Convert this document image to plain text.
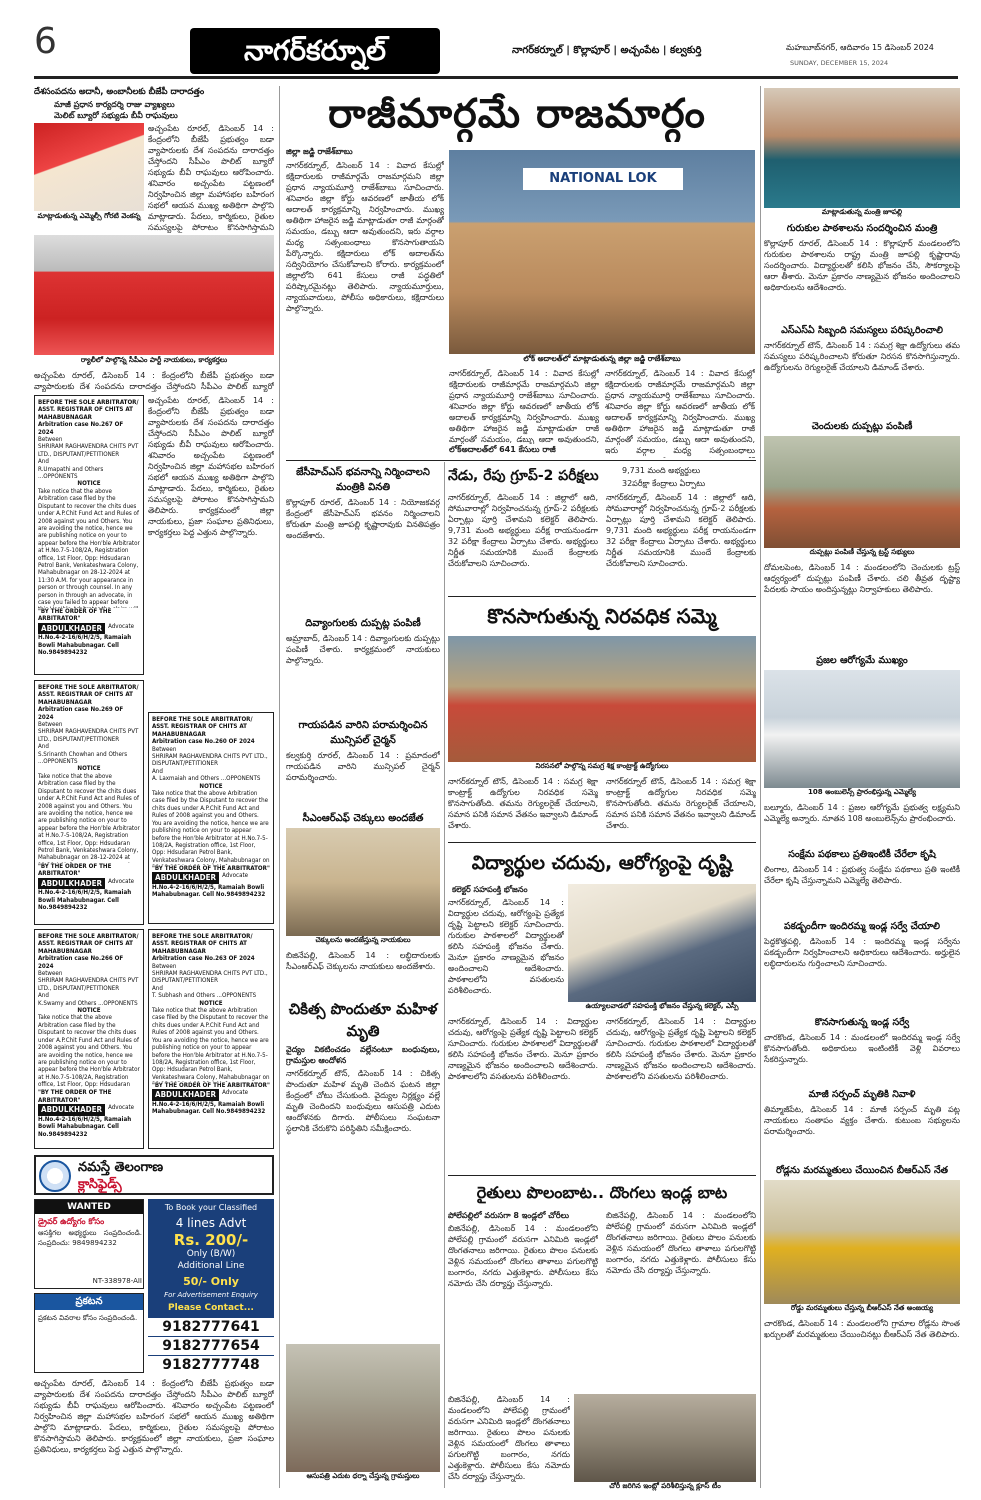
6	నాగర్‌కర్నూల్	నాగర్‌కర్నూల్ | కొల్లాపూర్ | అచ్చంపేట | కల్వకుర్తి	మహబూబ్‌నగర్, ఆదివారం 15 డిసెంబర్ 2024
SUNDAY, DECEMBER 15, 2024
దేశసంపదను అదానీ, అంబానీలకు బీజేపీ దారాదత్తం
మాజీ ప్రధాన కార్యదర్శి రాజు వ్యాఖ్యలు
మెలిట్ బ్యూరో సభ్యుడు బీవీ రాఘవులు
మాట్లాడుతున్న ఎమ్మెల్సీ గోరటి వెంకన్న
అచ్చంపేట రూరల్, డిసెంబర్ 14 : కేంద్రంలోని బీజేపీ ప్రభుత్వం బడా వ్యాపారులకు దేశ సంపదను దారాదత్తం చేస్తోందని సీపీఎం పొలిట్ బ్యూరో సభ్యుడు బీవీ రాఘవులు ఆరోపించారు. శనివారం అచ్చంపేట పట్టణంలో నిర్వహించిన జిల్లా మహాసభల బహిరంగ సభలో ఆయన ముఖ్య అతిథిగా పాల్గొని మాట్లాడారు. పేదలు, కార్మికులు, రైతుల సమస్యలపై పోరాటం కొనసాగిస్తామని
ర్యాలీలో పాల్గొన్న సీపీఎం పార్టీ నాయకులు, కార్యకర్తలు
అచ్చంపేట రూరల్, డిసెంబర్ 14 : కేంద్రంలోని బీజేపీ ప్రభుత్వం బడా వ్యాపారులకు దేశ సంపదను దారాదత్తం చేస్తోందని సీపీఎం పొలిట్ బ్యూరో
BEFORE THE SOLE ARBITRATOR/ ASST. REGISTRAR OF CHITS AT MAHABUBNAGAR
Arbitration case No.267 OF 2024
Between
SHRIRAM RAGHAVENDRA CHITS PVT LTD., DISPUTANT/PETITIONER
And
R.Umapathi and Others ...OPPONENTS
NOTICE
Take notice that the above Arbitration case filed by the Disputant to recover the chits dues under A.P.Chit Fund Act and Rules of 2008 against you and Others. You are avoiding the notice, hence we are publishing notice on your to appear before the Hon'ble Arbitrator at H.No.7-5-108/2A, Registration office, 1st Floor, Opp: Hdsudaran Petrol Bank, Venkateshwara Colony, Mahabubnagar on 28-12-2024 at 11:30 A.M. for your appearance in person or through counsel. In any person in through an advocate, in case you failed to appear before
"BY THE ORDER OF THE ARBITRATOR"
ABDULKHADER Advocate
H.No.4-2-16/6/H/2/5, Ramaiah Bowli Mahabubnagar. Cell No.9849894232
BEFORE THE SOLE ARBITRATOR/ ASST. REGISTRAR OF CHITS AT MAHABUBNAGAR
Arbitration case No.269 OF 2024
Between
SHRIRAM RAGHAVENDRA CHITS PVT LTD., DISPUTANT/PETITIONER
And
S.Srinanth Chowhan and Others ...OPPONENTS
NOTICE
Take notice that the above Arbitration case filed by the Disputant to recover the chits dues under A.P.Chit Fund Act and Rules of 2008 against you and Others. You are avoiding the notice, hence we are publishing notice on your to appear before the Hon'ble Arbitrator at H.No.7-5-108/2A, Registration office, 1st Floor, Opp: Hdsudaran Petrol Bank, Venkateshwara Colony, Mahabubnagar on 28-12-2024 at
"BY THE ORDER OF THE ARBITRATOR"
ABDULKHADER Advocate
H.No.4-2-16/6/H/2/5, Ramaiah Bowli Mahabubnagar. Cell No.9849894232
BEFORE THE SOLE ARBITRATOR/ ASST. REGISTRAR OF CHITS AT MAHABUBNAGAR
Arbitration case No.260 OF 2024
Between
SHRIRAM RAGHAVENDRA CHITS PVT LTD., DISPUTANT/PETITIONER
And
A. Laxmaiah and Others ...OPPONENTS
NOTICE
Take notice that the above Arbitration case filed by the Disputant to recover the chits dues under A.P.Chit Fund Act and Rules of 2008 against you and Others. You are avoiding the notice, hence we are publishing notice on your to appear before the Hon'ble Arbitrator at H.No.7-5-108/2A, Registration office, 1st Floor, Opp: Hdsudaran Petrol Bank, Venkateshwara Colony, Mahabubnagar on
"BY THE ORDER OF THE ARBITRATOR"
ABDULKHADER Advocate
H.No.4-2-16/6/H/2/5, Ramaiah Bowli Mahabubnagar. Cell No.9849894232
BEFORE THE SOLE ARBITRATOR/ ASST. REGISTRAR OF CHITS AT MAHABUBNAGAR
Arbitration case No.266 OF 2024
Between
SHRIRAM RAGHAVENDRA CHITS PVT LTD., DISPUTANT/PETITIONER
And
K.Swamy and Others ...OPPONENTS
NOTICE
Take notice that the above Arbitration case filed by the Disputant to recover the chits dues under A.P.Chit Fund Act and Rules of 2008 against you and Others. You are avoiding the notice, hence we are publishing notice on your to appear before the Hon'ble Arbitrator at H.No.7-5-108/2A, Registration office, 1st Floor, Opp: Hdsudaran
"BY THE ORDER OF THE ARBITRATOR"
ABDULKHADER Advocate
H.No.4-2-16/6/H/2/5, Ramaiah Bowli Mahabubnagar. Cell No.9849894232
BEFORE THE SOLE ARBITRATOR/ ASST. REGISTRAR OF CHITS AT MAHABUBNAGAR
Arbitration case No.263 OF 2024
Between
SHRIRAM RAGHAVENDRA CHITS PVT LTD., DISPUTANT/PETITIONER
And
T. Subhash and Others ...OPPONENTS
NOTICE
Take notice that the above Arbitration case filed by the Disputant to recover the chits dues under A.P.Chit Fund Act and Rules of 2008 against you and Others. You are avoiding the notice, hence we are publishing notice on your to appear before the Hon'ble Arbitrator at H.No.7-5-108/2A, Registration office, 1st Floor, Opp: Hdsudaran Petrol Bank, Venkateshwara Colony, Mahabubnagar on
"BY THE ORDER OF THE ARBITRATOR"
ABDULKHADER Advocate
H.No.4-2-16/6/H/2/5, Ramaiah Bowli Mahabubnagar. Cell No.9849894232
అచ్చంపేట రూరల్, డిసెంబర్ 14 : కేంద్రంలోని బీజేపీ ప్రభుత్వం బడా వ్యాపారులకు దేశ సంపదను దారాదత్తం చేస్తోందని సీపీఎం పొలిట్ బ్యూరో సభ్యుడు బీవీ రాఘవులు ఆరోపించారు. శనివారం అచ్చంపేట పట్టణంలో నిర్వహించిన జిల్లా మహాసభల బహిరంగ సభలో ఆయన ముఖ్య అతిథిగా పాల్గొని మాట్లాడారు. పేదలు, కార్మికులు, రైతుల సమస్యలపై పోరాటం కొనసాగిస్తామని తెలిపారు. కార్యక్రమంలో జిల్లా నాయకులు, ప్రజా సంఘాల ప్రతినిధులు, కార్యకర్తలు పెద్ద ఎత్తున పాల్గొన్నారు.
నమస్తే తెలంగాణ
క్లాసిఫైడ్స్
WANTED
డ్రైవర్ ఉద్యోగం కోసం
ఆసక్తిగల అభ్యర్థులు సంప్రదించండి. సంప్రదించు: 9849894232
NT-338978-AII
ప్రకటన
ప్రకటన వివరాల కోసం సంప్రదించండి.
To Book your Classified
4 lines Advt
Rs. 200/-
Only (B/W)
Additional Line
50/- Only
For Advertisement Enquiry
Please Contact...
9182777641
9182777654
9182777748
అచ్చంపేట రూరల్, డిసెంబర్ 14 : కేంద్రంలోని బీజేపీ ప్రభుత్వం బడా వ్యాపారులకు దేశ సంపదను దారాదత్తం చేస్తోందని సీపీఎం పొలిట్ బ్యూరో సభ్యుడు బీవీ రాఘవులు ఆరోపించారు. శనివారం అచ్చంపేట పట్టణంలో నిర్వహించిన జిల్లా మహాసభల బహిరంగ సభలో ఆయన ముఖ్య అతిథిగా పాల్గొని మాట్లాడారు. పేదలు, కార్మికులు, రైతుల సమస్యలపై పోరాటం కొనసాగిస్తామని తెలిపారు. కార్యక్రమంలో జిల్లా నాయకులు, ప్రజా సంఘాల ప్రతినిధులు, కార్యకర్తలు పెద్ద ఎత్తున పాల్గొన్నారు.
రాజీమార్గమే రాజమార్గం
జిల్లా జడ్జి రాజేశ్‌బాబు
నాగర్‌కర్నూల్, డిసెంబర్ 14 : వివాద కేసుల్లో కక్షిదారులకు రాజీమార్గమే రాజమార్గమని జిల్లా ప్రధాన న్యాయమూర్తి రాజేశ్‌బాబు సూచించారు. శనివారం జిల్లా కోర్టు ఆవరణలో జాతీయ లోక్ అదాలత్ కార్యక్రమాన్ని నిర్వహించారు. ముఖ్య అతిథిగా హాజరైన జడ్జి మాట్లాడుతూ రాజీ మార్గంతో సమయం, డబ్బు ఆదా అవుతుందని, ఇరు వర్గాల మధ్య సత్సంబంధాలు కొనసాగుతాయని పేర్కొన్నారు. కక్షిదారులు లోక్ అదాలత్‌ను సద్వినియోగం చేసుకోవాలని కోరారు. కార్యక్రమంలో జిల్లాలోని 641 కేసులు రాజీ పద్ధతిలో పరిష్కారమైనట్లు తెలిపారు. న్యాయమూర్తులు, న్యాయవాదులు, పోలీసు అధికారులు, కక్షిదారులు పాల్గొన్నారు.
NATIONAL LOK
లోక్ అదాలత్‌లో మాట్లాడుతున్న జిల్లా జడ్జి రాజేశ్‌బాబు
నాగర్‌కర్నూల్, డిసెంబర్ 14 : వివాద కేసుల్లో కక్షిదారులకు రాజీమార్గమే రాజమార్గమని జిల్లా ప్రధాన న్యాయమూర్తి రాజేశ్‌బాబు సూచించారు. శనివారం జిల్లా కోర్టు ఆవరణలో జాతీయ లోక్ అదాలత్ కార్యక్రమాన్ని నిర్వహించారు. ముఖ్య అతిథిగా హాజరైన జడ్జి మాట్లాడుతూ రాజీ మార్గంతో సమయం, డబ్బు ఆదా అవుతుందని,
నాగర్‌కర్నూల్, డిసెంబర్ 14 : వివాద కేసుల్లో కక్షిదారులకు రాజీమార్గమే రాజమార్గమని జిల్లా ప్రధాన న్యాయమూర్తి రాజేశ్‌బాబు సూచించారు. శనివారం జిల్లా కోర్టు ఆవరణలో జాతీయ లోక్ అదాలత్ కార్యక్రమాన్ని నిర్వహించారు. ముఖ్య అతిథిగా హాజరైన జడ్జి మాట్లాడుతూ రాజీ మార్గంతో సమయం, డబ్బు ఆదా అవుతుందని, ఇరు వర్గాల మధ్య సత్సంబంధాలు
లోక్‌అదాలత్‌లో 641 కేసులు రాజీ
జేసీహెచ్ఎస్ భవనాన్ని నిర్మించాలని మంత్రికి వినతి
కొల్లాపూర్ రూరల్, డిసెంబర్ 14 : నియోజకవర్గ కేంద్రంలో జేసీహెచ్ఎస్ భవనం నిర్మించాలని కోరుతూ మంత్రి జూపల్లి కృష్ణారావుకు వినతిపత్రం అందజేశారు.
దివ్యాంగులకు దుప్పట్ల పంపిణీ
అమ్రాబాద్, డిసెంబర్ 14 : దివ్యాంగులకు దుప్పట్లు పంపిణీ చేశారు. కార్యక్రమంలో నాయకులు పాల్గొన్నారు.
గాయపడిన వారిని పరామర్శించిన మున్సిపల్ చైర్మన్
కల్వకుర్తి రూరల్, డిసెంబర్ 14 : ప్రమాదంలో గాయపడిన వారిని మున్సిపల్ చైర్మన్ పరామర్శించారు.
సీఎంఆర్ఎఫ్ చెక్కులు అందజేత
చెక్కులను అందజేస్తున్న నాయకులు
బిజినేపల్లి, డిసెంబర్ 14 : లబ్ధిదారులకు సీఎంఆర్ఎఫ్ చెక్కులను నాయకులు అందజేశారు.
చికిత్స పొందుతూ మహిళ మృతి
వైద్యం వికటించడం వల్లేనంటూ బంధువులు, గ్రామస్తుల ఆందోళన
నాగర్‌కర్నూల్ టౌన్, డిసెంబర్ 14 : చికిత్స పొందుతూ మహిళ మృతి చెందిన ఘటన జిల్లా కేంద్రంలో చోటు చేసుకుంది. వైద్యుల నిర్లక్ష్యం వల్లే మృతి చెందిందని బంధువులు ఆసుపత్రి ఎదుట ఆందోళనకు దిగారు. పోలీసులు సంఘటనా స్థలానికి చేరుకొని పరిస్థితిని సమీక్షించారు.
ఆసుపత్రి ఎదుట ధర్నా చేస్తున్న గ్రామస్తులు
నేడు, రేపు గ్రూప్-2 పరీక్షలు	9,731 మంది అభ్యర్థులు
32పరీక్షా కేంద్రాలు ఏర్పాటు
నాగర్‌కర్నూల్, డిసెంబర్ 14 : జిల్లాలో ఆది, సోమవారాల్లో నిర్వహించనున్న గ్రూప్-2 పరీక్షలకు ఏర్పాట్లు పూర్తి చేశామని కలెక్టర్ తెలిపారు. 9,731 మంది అభ్యర్థులు పరీక్ష రాయనుండగా 32 పరీక్షా కేంద్రాలు ఏర్పాటు చేశారు. అభ్యర్థులు నిర్ణీత సమయానికి ముందే కేంద్రాలకు చేరుకోవాలని సూచించారు.
నాగర్‌కర్నూల్, డిసెంబర్ 14 : జిల్లాలో ఆది, సోమవారాల్లో నిర్వహించనున్న గ్రూప్-2 పరీక్షలకు ఏర్పాట్లు పూర్తి చేశామని కలెక్టర్ తెలిపారు. 9,731 మంది అభ్యర్థులు పరీక్ష రాయనుండగా 32 పరీక్షా కేంద్రాలు ఏర్పాటు చేశారు. అభ్యర్థులు నిర్ణీత సమయానికి ముందే కేంద్రాలకు చేరుకోవాలని సూచించారు.
కొనసాగుతున్న నిరవధిక సమ్మె
నిరసనలో పాల్గొన్న సమగ్ర శిక్ష కాంట్రాక్ట్ ఉద్యోగులు
నాగర్‌కర్నూల్ టౌన్, డిసెంబర్ 14 : సమగ్ర శిక్షా కాంట్రాక్ట్ ఉద్యోగుల నిరవధిక సమ్మె కొనసాగుతోంది. తమను రెగ్యులరైజ్ చేయాలని, సమాన పనికి సమాన వేతనం ఇవ్వాలని డిమాండ్ చేశారు.
నాగర్‌కర్నూల్ టౌన్, డిసెంబర్ 14 : సమగ్ర శిక్షా కాంట్రాక్ట్ ఉద్యోగుల నిరవధిక సమ్మె కొనసాగుతోంది. తమను రెగ్యులరైజ్ చేయాలని, సమాన పనికి సమాన వేతనం ఇవ్వాలని డిమాండ్ చేశారు.
విద్యార్థుల చదువు, ఆరోగ్యంపై దృష్టి
కలెక్టర్ సహపంక్తి భోజనం
నాగర్‌కర్నూల్, డిసెంబర్ 14 : విద్యార్థుల చదువు, ఆరోగ్యంపై ప్రత్యేక దృష్టి పెట్టాలని కలెక్టర్ సూచించారు. గురుకుల పాఠశాలలో విద్యార్థులతో కలిసి సహపంక్తి భోజనం చేశారు. మెనూ ప్రకారం నాణ్యమైన భోజనం అందించాలని ఆదేశించారు. పాఠశాలలోని వసతులను పరిశీలించారు.
ఉయ్యాలవాడలో సహపంక్తి భోజనం చేస్తున్న కలెక్టర్, ఎస్పీ
నాగర్‌కర్నూల్, డిసెంబర్ 14 : విద్యార్థుల చదువు, ఆరోగ్యంపై ప్రత్యేక దృష్టి పెట్టాలని కలెక్టర్ సూచించారు. గురుకుల పాఠశాలలో విద్యార్థులతో కలిసి సహపంక్తి భోజనం చేశారు. మెనూ ప్రకారం నాణ్యమైన భోజనం అందించాలని ఆదేశించారు. పాఠశాలలోని వసతులను పరిశీలించారు.
నాగర్‌కర్నూల్, డిసెంబర్ 14 : విద్యార్థుల చదువు, ఆరోగ్యంపై ప్రత్యేక దృష్టి పెట్టాలని కలెక్టర్ సూచించారు. గురుకుల పాఠశాలలో విద్యార్థులతో కలిసి సహపంక్తి భోజనం చేశారు. మెనూ ప్రకారం నాణ్యమైన భోజనం అందించాలని ఆదేశించారు. పాఠశాలలోని వసతులను పరిశీలించారు.
రైతులు పొలంబాట.. దొంగలు ఇండ్ల బాట
పోలేపల్లిలో వరుసగా 8 ఇండ్లలో చోరీలు
బిజినేపల్లి, డిసెంబర్ 14 : మండలంలోని పోలేపల్లి గ్రామంలో వరుసగా ఎనిమిది ఇండ్లలో దొంగతనాలు జరిగాయి. రైతులు పొలం పనులకు వెళ్లిన సమయంలో దొంగలు తాళాలు పగులగొట్టి బంగారం, నగదు ఎత్తుకెళ్లారు. పోలీసులు కేసు నమోదు చేసి దర్యాప్తు చేస్తున్నారు.
బిజినేపల్లి, డిసెంబర్ 14 : మండలంలోని పోలేపల్లి గ్రామంలో వరుసగా ఎనిమిది ఇండ్లలో దొంగతనాలు జరిగాయి. రైతులు పొలం పనులకు వెళ్లిన సమయంలో దొంగలు తాళాలు పగులగొట్టి బంగారం, నగదు ఎత్తుకెళ్లారు. పోలీసులు కేసు నమోదు చేసి దర్యాప్తు చేస్తున్నారు.
చోరీ జరిగిన ఇంట్లో పరిశీలిస్తున్న క్లూస్ టీం
బిజినేపల్లి, డిసెంబర్ 14 : మండలంలోని పోలేపల్లి గ్రామంలో వరుసగా ఎనిమిది ఇండ్లలో దొంగతనాలు జరిగాయి. రైతులు పొలం పనులకు వెళ్లిన సమయంలో దొంగలు తాళాలు పగులగొట్టి బంగారం, నగదు ఎత్తుకెళ్లారు. పోలీసులు కేసు నమోదు చేసి దర్యాప్తు చేస్తున్నారు.
మాట్లాడుతున్న మంత్రి జూపల్లి
గురుకుల పాఠశాలను సందర్శించిన మంత్రి
కొల్లాపూర్ రూరల్, డిసెంబర్ 14 : కొల్లాపూర్ మండలంలోని గురుకుల పాఠశాలను రాష్ట్ర మంత్రి జూపల్లి కృష్ణారావు సందర్శించారు. విద్యార్థులతో కలిసి భోజనం చేసి, సౌకర్యాలపై ఆరా తీశారు. మెనూ ప్రకారం నాణ్యమైన భోజనం అందించాలని అధికారులను ఆదేశించారు.
ఎస్ఎస్ఏ సిబ్బంది సమస్యలు పరిష్కరించాలి
నాగర్‌కర్నూల్ టౌన్, డిసెంబర్ 14 : సమగ్ర శిక్షా ఉద్యోగులు తమ సమస్యలు పరిష్కరించాలని కోరుతూ నిరసన కొనసాగిస్తున్నారు. ఉద్యోగులను రెగ్యులరైజ్ చేయాలని డిమాండ్ చేశారు.
చెందులకు దుప్పట్లు పంపిణీ
దుప్పట్లు పంపిణీ చేస్తున్న ట్రస్ట్ సభ్యులు
దోమలపెంట, డిసెంబర్ 14 : మండలంలోని చెంచులకు ట్రస్ట్ ఆధ్వర్యంలో దుప్పట్లు పంపిణీ చేశారు. చలి తీవ్రత దృష్ట్యా పేదలకు సాయం అందిస్తున్నట్లు నిర్వాహకులు తెలిపారు.
ప్రజల ఆరోగ్యమే ముఖ్యం
108 అంబులెన్స్ ప్రారంభిస్తున్న ఎమ్మెల్యే
బల్మూరు, డిసెంబర్ 14 : ప్రజల ఆరోగ్యమే ప్రభుత్వ లక్ష్యమని ఎమ్మెల్యే అన్నారు. నూతన 108 అంబులెన్స్‌ను ప్రారంభించారు.
సంక్షేమ పథకాలు ప్రతిఇంటికీ చేరేలా కృషి
లింగాల, డిసెంబర్ 14 : ప్రభుత్వ సంక్షేమ పథకాలు ప్రతి ఇంటికీ చేరేలా కృషి చేస్తున్నామని ఎమ్మెల్యే తెలిపారు.
పకడ్బందీగా ఇందిరమ్మ ఇండ్ల సర్వే చేయాలి
పెద్దకొత్తపల్లి, డిసెంబర్ 14 : ఇందిరమ్మ ఇండ్ల సర్వేను పకడ్బందీగా నిర్వహించాలని అధికారులు ఆదేశించారు. అర్హులైన లబ్ధిదారులను గుర్తించాలని సూచించారు.
కొనసాగుతున్న ఇండ్ల సర్వే
చారకొండ, డిసెంబర్ 14 : మండలంలో ఇందిరమ్మ ఇండ్ల సర్వే కొనసాగుతోంది. అధికారులు ఇంటింటికీ వెళ్లి వివరాలు సేకరిస్తున్నారు.
మాజీ సర్పంచ్ మృతికి నివాళి
తిమ్మాజీపేట, డిసెంబర్ 14 : మాజీ సర్పంచ్ మృతి పట్ల నాయకులు సంతాపం వ్యక్తం చేశారు. కుటుంబ సభ్యులను పరామర్శించారు.
రోడ్లను మరమ్మతులు చేయించిన బీఆర్ఎస్ నేత
రోడ్డు మరమ్మతులు చేస్తున్న బీఆర్ఎస్ నేత అంజయ్య
చారకొండ, డిసెంబర్ 14 : మండలంలోని గ్రామాల రోడ్లను సొంత ఖర్చులతో మరమ్మతులు చేయించినట్లు బీఆర్ఎస్ నేత తెలిపారు.
